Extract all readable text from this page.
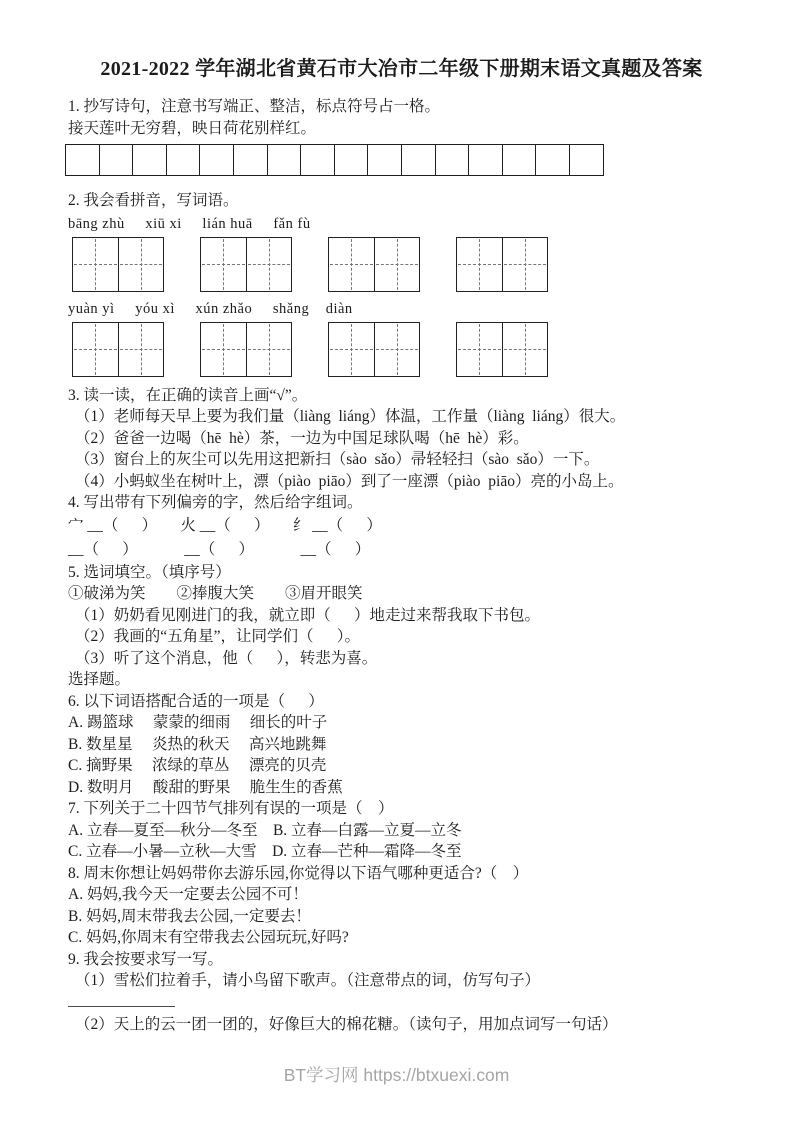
2021-2022 学年湖北省黄石市大冶市二年级下册期末语文真题及答案
1. 抄写诗句，注意书写端正、整洁，标点符号占一格。
接天莲叶无穷碧，映日荷花别样红。
2. 我会看拼音，写词语。
bāng zhù     xiū xi     lián huā     fǎn fù
yuàn yì     yóu xì     xún zhǎo     shǎng    diàn
3. 读一读，在正确的读音上画“√”。
（1）老师每天早上要为我们量（liàng  liáng）体温，工作量（liàng  liáng）很大。
（2）爸爸一边喝（hē  hè）茶，一边为中国足球队喝（hē  hè）彩。
（3）窗台上的灰尘可以先用这把新扫（sào  sǎo）帚轻轻扫（sào  sǎo）一下。
（4）小蚂蚁坐在树叶上，漂（piào  piāo）到了一座漂（piào  piāo）亮的小岛上。
4. 写出带有下列偏旁的字，然后给字组词。
宀 __（      ）      火 __（      ）      纟 __（      ）
__（      ）            __（      ）            __（      ）
5. 选词填空。（填序号）
①破涕为笑        ②捧腹大笑        ③眉开眼笑
（1）奶奶看见刚进门的我，就立即（      ）地走过来帮我取下书包。
（2）我画的“五角星”，让同学们（      ）。
（3）听了这个消息，他（      ），转悲为喜。
选择题。
6. 以下词语搭配合适的一项是（      ）
A. 踢篮球     蒙蒙的细雨     细长的叶子
B. 数星星     炎热的秋天     高兴地跳舞
C. 摘野果     浓绿的草丛     漂亮的贝壳
D. 数明月     酸甜的野果     脆生生的香蕉
7. 下列关于二十四节气排列有误的一项是（    ）
A. 立春—夏至—秋分—冬至    B. 立春—白露—立夏—立冬
C. 立春—小暑—立秋—大雪    D. 立春—芒种—霜降—冬至
8. 周末你想让妈妈带你去游乐园,你觉得以下语气哪种更适合?（    ）
A. 妈妈,我今天一定要去公园不可！
B. 妈妈,周末带我去公园,一定要去！
C. 妈妈,你周末有空带我去公园玩玩,好吗?
9. 我会按要求写一写。
（1）雪松们拉着手，请小鸟留下歌声。（注意带点的词，仿写句子）
（2）天上的云一团一团的，好像巨大的棉花糖。（读句子，用加点词写一句话）
BT学习网 https://btxuexi.com
